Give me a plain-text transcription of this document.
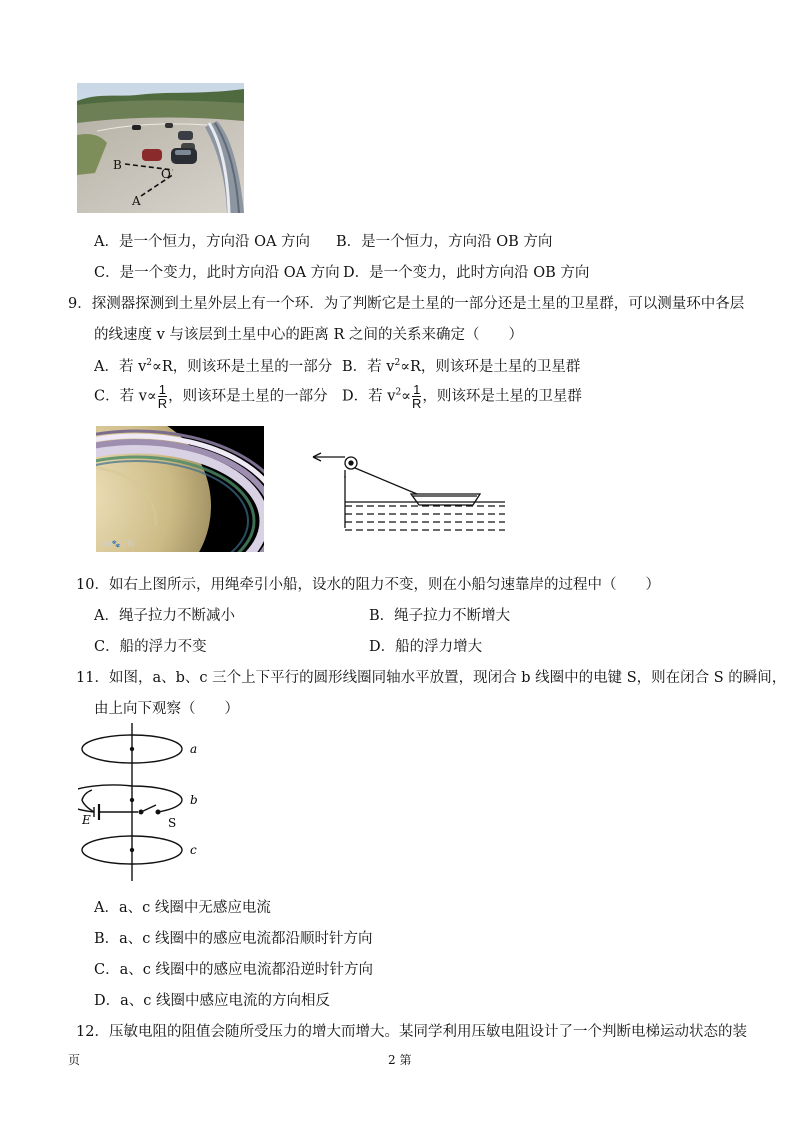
B
O
A
A．是一个恒力，方向沿 OA 方向 B．是一个恒力，方向沿 OB 方向
C．是一个变力，此时方向沿 OA 方向 D．是一个变力，此时方向沿 OB 方向
9．探测器探测到土星外层上有一个环．为了判断它是土星的一部分还是土星的卫星群，可以测量环中各层
的线速度 v 与该层到土星中心的距离 R 之间的关系来确定（　　）
A．若 $v^2\propto R$，则该环是土星的一部分 B．若 $v^2\propto R$，则该环是土星的卫星群
C．若 $v\propto \frac{1}{R}$ ，则该环是土星的一部分 D．若 $v^2\propto \frac{1}{R}$ ，则该环是土星的卫星群
Bai🐾百科
10．如右上图所示，用绳牵引小船，设水的阻力不变，则在小船匀速靠岸的过程中（　　）
A．绳子拉力不断减小	B．绳子拉力不断增大
C．船的浮力不变	D．船的浮力增大
11．如图，a、b、c 三个上下平行的圆形线圈同轴水平放置，现闭合 b 线圈中的电键 S，则在闭合 S 的瞬间，
由上向下观察（　　）
a
b
c
E	S
A．a、c 线圈中无感应电流
B．a、c 线圈中的感应电流都沿顺时针方向
C．a、c 线圈中的感应电流都沿逆时针方向
D．a、c 线圈中感应电流的方向相反
12．压敏电阻的阻值会随所受压力的增大而增大。某同学利用压敏电阻设计了一个判断电梯运动状态的装
页	2 第
